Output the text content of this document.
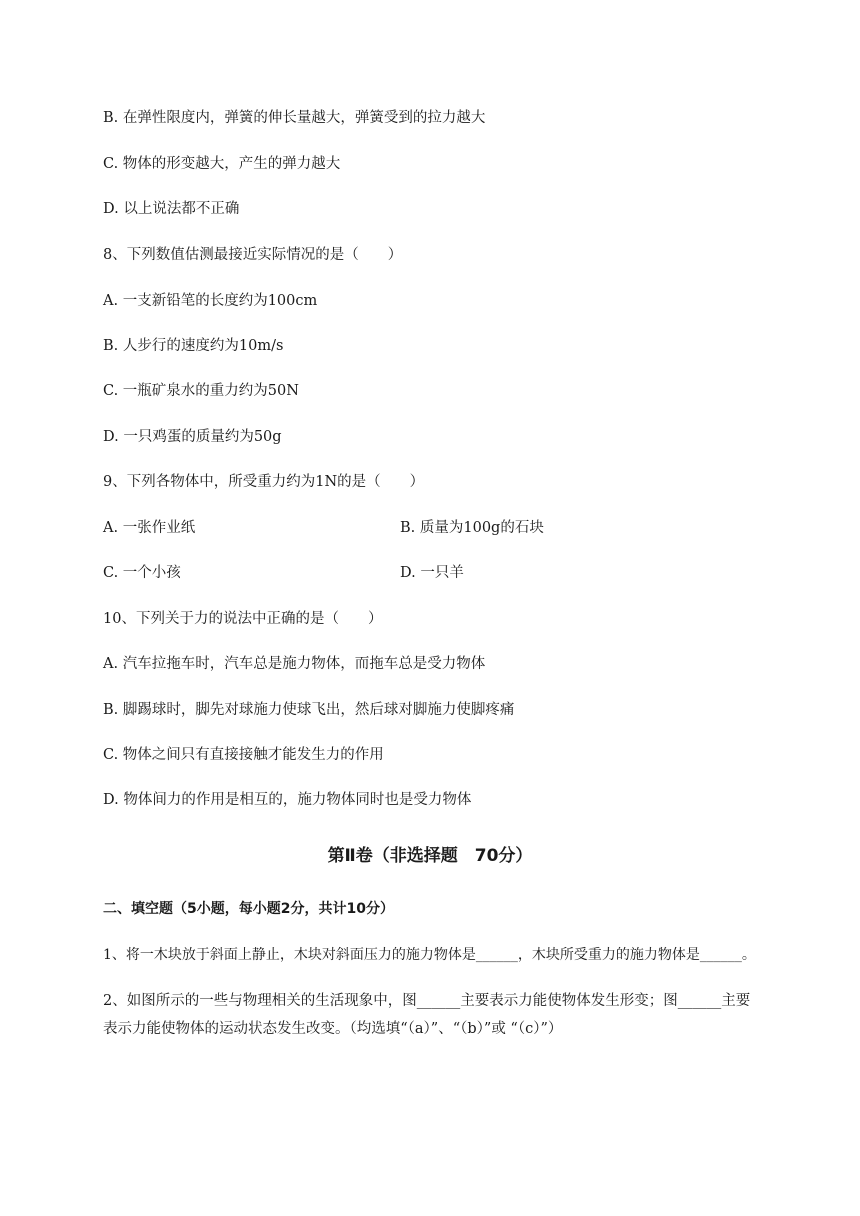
B. 在弹性限度内，弹簧的伸长量越大，弹簧受到的拉力越大
C. 物体的形变越大，产生的弹力越大
D. 以上说法都不正确
8、下列数值估测最接近实际情况的是（　　）
A. 一支新铅笔的长度约为100cm
B. 人步行的速度约为10m/s
C. 一瓶矿泉水的重力约为50N
D. 一只鸡蛋的质量约为50g
9、下列各物体中，所受重力约为1N的是（　　）
A. 一张作业纸	B. 质量为100g的石块
C. 一个小孩	D. 一只羊
10、下列关于力的说法中正确的是（　　）
A. 汽车拉拖车时，汽车总是施力物体，而拖车总是受力物体
B. 脚踢球时，脚先对球施力使球飞出，然后球对脚施力使脚疼痛
C. 物体之间只有直接接触才能发生力的作用
D. 物体间力的作用是相互的，施力物体同时也是受力物体
第Ⅱ卷（非选择题　70分）
二、填空题（5小题，每小题2分，共计10分）
1、将一木块放于斜面上静止，木块对斜面压力的施力物体是______，木块所受重力的施力物体是______。
2、如图所示的一些与物理相关的生活现象中，图______主要表示力能使物体发生形变；图______主要
表示力能使物体的运动状态发生改变。（均选填“（a）”、“（b）”或 “（c）”）
